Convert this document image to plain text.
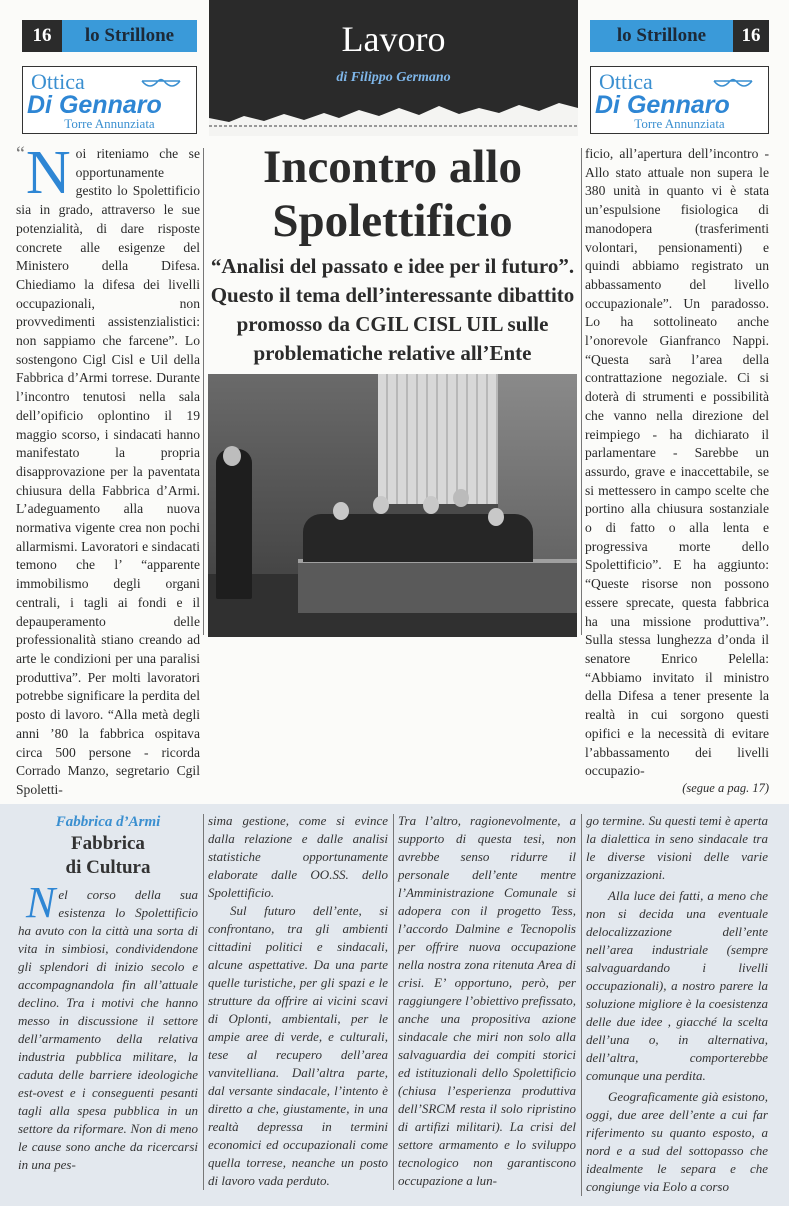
16	lo Strillone	lo Strillone	16
Ottica
Di Gennaro
Torre Annunziata
Ottica
Di Gennaro
Torre Annunziata
Lavoro
di Filippo Germano
“ N oi riteniamo che se opportunamente gestito lo Spolettificio sia in grado, attraverso le sue potenzialità, di dare risposte concrete alle esigenze del Ministero della Difesa. Chiediamo la difesa dei livelli occupazionali, non provvedimenti assistenzialistici: non sappiamo che farcene”. Lo sostengono Cigl Cisl e Uil della Fabbrica d’Armi torrese. Durante l’incontro tenutosi nella sala dell’opificio oplontino il 19 maggio scorso, i sindacati hanno manifestato la propria disapprovazione per la paventata chiusura della Fabbrica d’Armi. L’adeguamento alla nuova normativa vigente crea non pochi allarmismi. Lavoratori e sindacati temono che l’ “apparente immobilismo degli organi centrali, i tagli ai fondi e il depauperamento delle professionalità stiano creando ad arte le condizioni per una paralisi produttiva”. Per molti lavoratori potrebbe significare la perdita del posto di lavoro. “Alla metà degli anni ’80 la fabbrica ospitava circa 500 persone - ricorda Corrado Manzo, segretario Cgil Spoletti-
Incontro allo
Spolettificio
“Analisi del passato e idee per il futuro”. Questo il tema dell’interessante dibattito promosso da CGIL CISL UIL sulle problematiche relative all’Ente
ficio, all’apertura dell’incontro - Allo stato attuale non supera le 380 unità in quanto vi è stata un’espulsione fisiologica di manodopera (trasferimenti volontari, pensionamenti) e quindi abbiamo registrato un abbassamento del livello occupazionale”. Un paradosso. Lo ha sottolineato anche l’onorevole Gianfranco Nappi. “Questa sarà l’area della contrattazione negoziale. Ci si doterà di strumenti e possibilità che vanno nella direzione del reimpiego - ha dichiarato il parlamentare - Sarebbe un assurdo, grave e inaccettabile, se si mettessero in campo scelte che portino alla chiusura sostanziale o di fatto o alla lenta e progressiva morte dello Spolettificio”. E ha aggiunto: “Queste risorse non possono essere sprecate, questa fabbrica ha una missione produttiva”. Sulla stessa lunghezza d’onda il senatore Enrico Pelella: “Abbiamo invitato il ministro della Difesa a tener presente la realtà in cui sorgono questi opifici e la necessità di evitare l’abbassamento dei livelli occupazio-
(segue a pag. 17)
Fabbrica d’Armi
Fabbrica
di Cultura
N el corso della sua esistenza lo Spolettificio ha avuto con la città una sorta di vita in simbiosi, condividendone gli splendori di inizio secolo e accompagnandola fin all’attuale declino. Tra i motivi che hanno messo in discussione il settore dell’armamento della relativa industria pubblica militare, la caduta delle barriere ideologiche est-ovest e i conseguenti pesanti tagli alla spesa pubblica in un settore da riformare. Non di meno le cause sono anche da ricercarsi in una pes-

sima gestione, come si evince dalla relazione e dalle analisi statistiche opportunamente elaborate dalle OO.SS. dello Spolettificio.

Sul futuro dell’ente, si confrontano, tra gli ambienti cittadini politici e sindacali, alcune aspettative. Da una parte quelle turistiche, per gli spazi e le strutture da offrire ai vicini scavi di Oplonti, ambientali, per le ampie aree di verde, e culturali, tese al recupero dell’area vanvitelliana. Dall’altra parte, dal versante sindacale, l’intento è diretto a che, giustamente, in una realtà depressa in termini economici ed occupazionali come quella torrese, neanche un posto di lavoro vada perduto.

Tra l’altro, ragionevolmente, a supporto di questa tesi, non avrebbe senso ridurre il personale dell’ente mentre l’Amministrazione Comunale si adopera con il progetto Tess, l’accordo Dalmine e Tecnopolis per offrire nuova occupazione nella nostra zona ritenuta Area di crisi. E’ opportuno, però, per raggiungere l’obiettivo prefissato, anche una propositiva azione sindacale che miri non solo alla salvaguardia dei compiti storici ed istituzionali dello Spolettificio (chiusa l’esperienza produttiva dell’SRCM resta il solo ripristino di artifizi militari). La crisi del settore armamento e lo sviluppo tecnologico non garantiscono occupazione a lun-

go termine. Su questi temi è aperta la dialettica in seno sindacale tra le diverse visioni delle varie organizzazioni.

Alla luce dei fatti, a meno che non si decida una eventuale delocalizzazione dell’ente nell’area industriale (sempre salvaguardando i livelli occupazionali), a nostro parere la soluzione migliore è la coesistenza delle due idee , giacché la scelta dell’una o, in alternativa, dell’altra, comporterebbe comunque una perdita.

Geograficamente già esistono, oggi, due aree dell’ente a cui far riferimento su quanto esposto, a nord e a sud del sottopasso che idealmente le separa e che congiunge via Eolo a corso
